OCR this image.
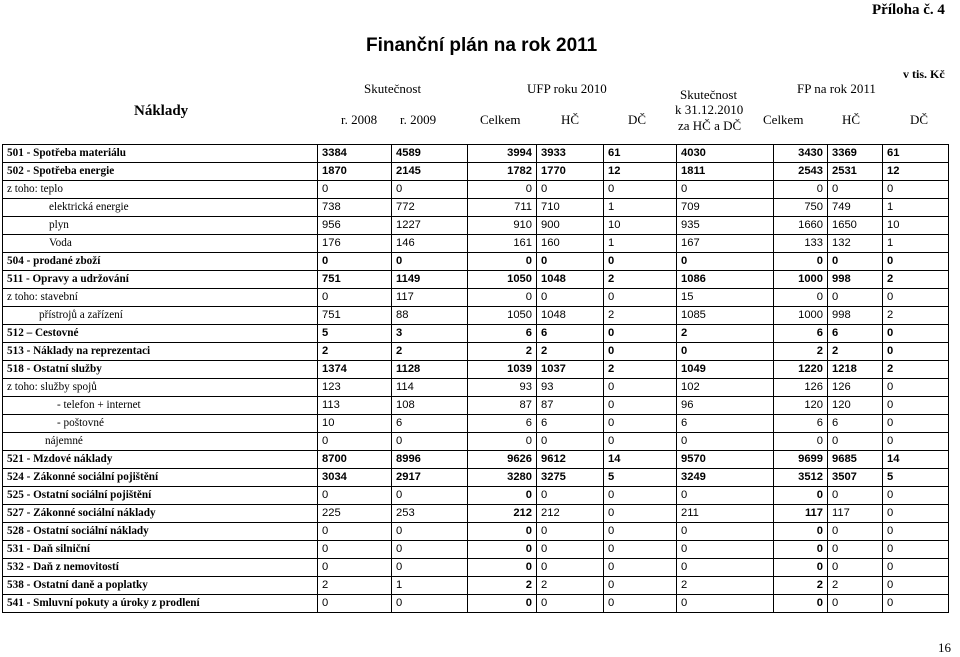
Příloha č. 4
Finanční plán na rok 2011
v tis. Kč
Náklady
Skutečnost	UFP roku 2010	Skutečnost
k 31.12.2010
za HČ a DČ
FP na rok 2011
r. 2008 r. 2009	Celkem	HČ	DČ	Celkem	HČ	DČ
501 - Spotřeba materiálu	3384	4589	3994	3933	61	4030	3430	3369	61
502 - Spotřeba energie	1870	2145	1782	1770	12	1811	2543	2531	12
z toho: teplo	0	0	0	0	0	0	0	0	0
elektrická energie	738	772	711	710	1	709	750	749	1
plyn	956	1227	910	900	10	935	1660	1650	10
Voda	176	146	161	160	1	167	133	132	1
504 - prodané zboží	0	0	0	0	0	0	0	0	0
511 - Opravy a udržování	751	1149	1050	1048	2	1086	1000	998	2
z toho: stavební	0	117	0	0	0	15	0	0	0
přístrojů a zařízení	751	88	1050	1048	2	1085	1000	998	2
512 – Cestovné	5	3	6	6	0	2	6	6	0
513 - Náklady na reprezentaci	2	2	2	2	0	0	2	2	0
518 - Ostatní služby	1374	1128	1039	1037	2	1049	1220	1218	2
z toho: služby spojů	123	114	93	93	0	102	126	126	0
- telefon + internet	113	108	87	87	0	96	120	120	0
- poštovné	10	6	6	6	0	6	6	6	0
nájemné	0	0	0	0	0	0	0	0	0
521 - Mzdové náklady	8700	8996	9626	9612	14	9570	9699	9685	14
524 - Zákonné sociální pojištění	3034	2917	3280	3275	5	3249	3512	3507	5
525 - Ostatní sociální pojištění	0	0	0	0	0	0	0	0	0
527 - Zákonné sociální náklady	225	253	212	212	0	211	117	117	0
528 - Ostatní sociální náklady	0	0	0	0	0	0	0	0	0
531 - Daň silniční	0	0	0	0	0	0	0	0	0
532 - Daň z nemovitostí	0	0	0	0	0	0	0	0	0
538 - Ostatní daně a poplatky	2	1	2	2	0	2	2	2	0
541 - Smluvní pokuty a úroky z prodlení	0	0	0	0	0	0	0	0	0
16
